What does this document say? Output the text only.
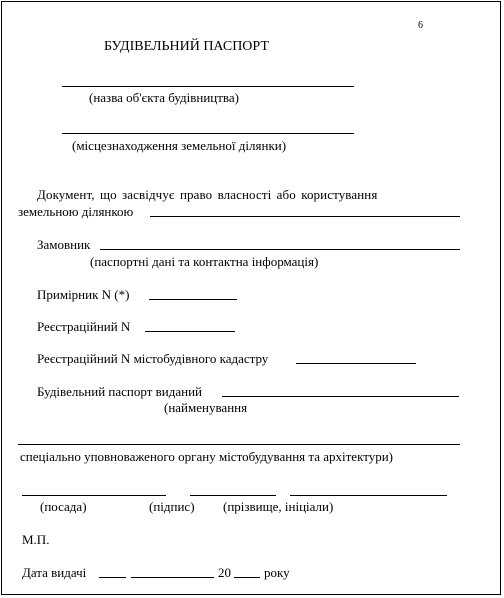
6
БУДІВЕЛЬНИЙ ПАСПОРТ
(назва об'єкта будівництва)
(місцезнаходження земельної ділянки)
Документ, що засвідчує право власності або користування
земельною ділянкою
Замовник
(паспортні дані та контактна інформація)
Примірник N (*)
Реєстраційний N
Реєстраційний N містобудівного кадастру
Будівельний паспорт виданий
(найменування
спеціально уповноваженого органу містобудування та архітектури)
(посада)	(підпис) (прізвище, ініціали)
М.П.
Дата видачі	20	року
